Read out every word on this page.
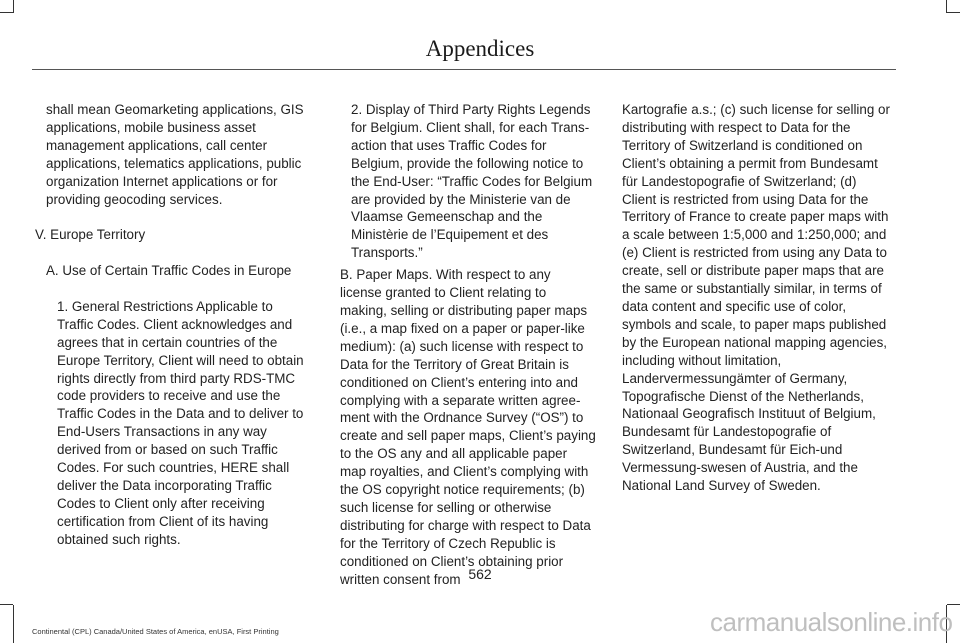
Appendices

shall mean Geomarketing applications, GIS applications, mobile business asset management applications, call center applications, telematics applications, public organization Internet applications or for providing geocoding services.

V. Europe Territory

A. Use of Certain Traffic Codes in Europe

1. General Restrictions Applicable to Traffic Codes. Client acknowledges and agrees that in certain countries of the Europe Territory, Client will need to obtain rights directly from third party RDS-TMC code providers to receive and use the Traffic Codes in the Data and to deliver to End-Users Transactions in any way derived from or based on such Traffic Codes. For such countries, HERE shall deliver the Data incorporating Traffic Codes to Client only after receiving certification from Client of its having obtained such rights.

2. Display of Third Party Rights Legends for Belgium. Client shall, for each Trans-action that uses Traffic Codes for Belgium, provide the following notice to the End-User: “Traffic Codes for Belgium are provided by the Ministerie van de Vlaamse Gemeenschap and the Ministèrie de l’Equipement et des Transports.”

B. Paper Maps. With respect to any license granted to Client relating to making, selling or distributing paper maps (i.e., a map fixed on a paper or paper-like medium): (a) such license with respect to Data for the Territory of Great Britain is conditioned on Client’s entering into and complying with a separate written agree-ment with the Ordnance Survey (“OS”) to create and sell paper maps, Client’s paying to the OS any and all applicable paper map royalties, and Client’s complying with the OS copyright notice requirements; (b) such license for selling or otherwise distributing for charge with respect to Data for the Territory of Czech Republic is conditioned on Client’s obtaining prior written consent from

Kartografie a.s.; (c) such license for selling or distributing with respect to Data for the Territory of Switzerland is conditioned on Client’s obtaining a permit from Bundesamt für Landestopografie of Switzerland; (d) Client is restricted from using Data for the Territory of France to create paper maps with a scale between 1:5,000 and 1:250,000; and (e) Client is restricted from using any Data to create, sell or distribute paper maps that are the same or substantially similar, in terms of data content and specific use of color, symbols and scale, to paper maps published by the European national mapping agencies, including without limitation, Landervermessungämter of Germany, Topografische Dienst of the Netherlands, Nationaal Geografisch Instituut of Belgium, Bundesamt für Landestopografie of Switzerland, Bundesamt für Eich-und Vermessung-swesen of Austria, and the National Land Survey of Sweden.

562
Continental (CPL) Canada/United States of America, enUSA, First Printing	carmanualsonline.info
